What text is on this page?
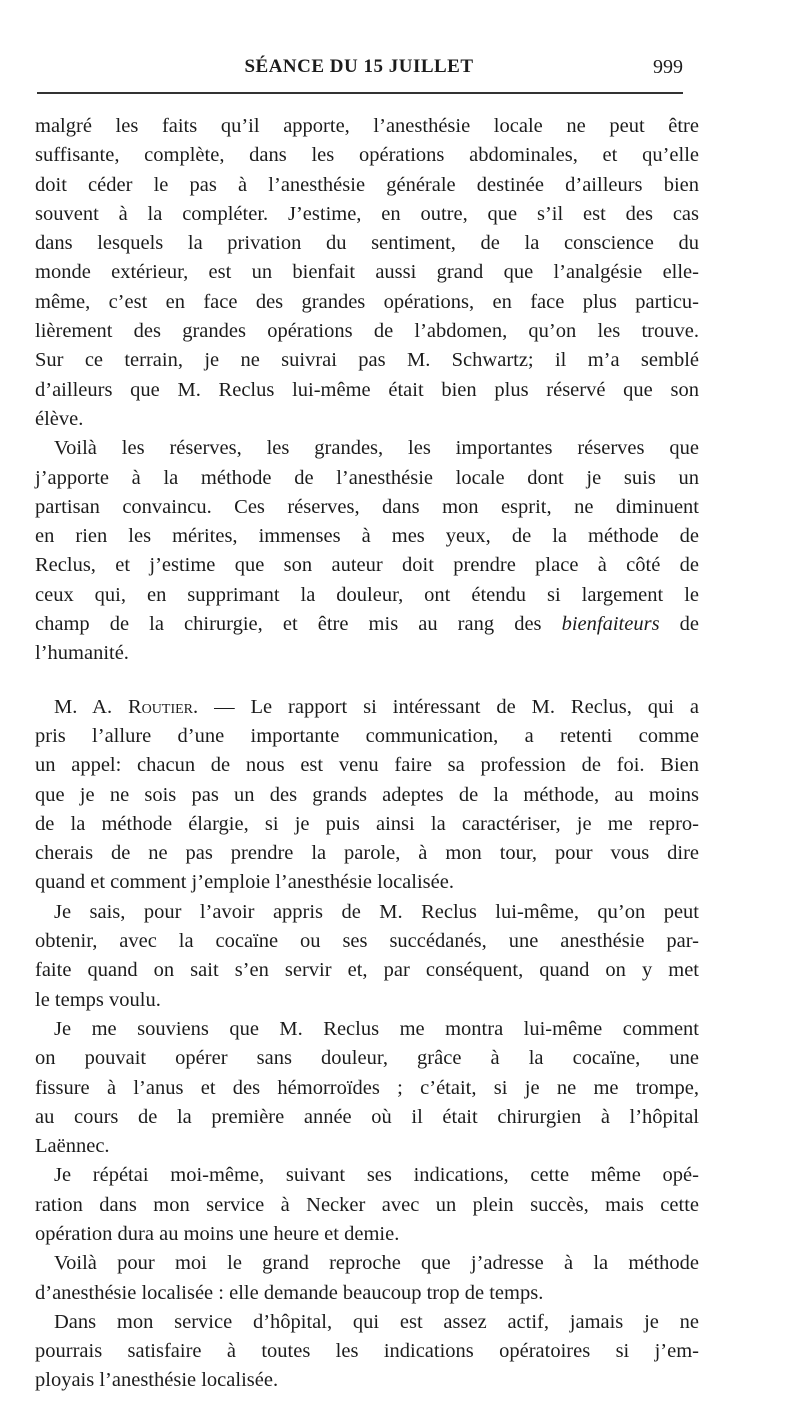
SÉANCE DU 15 JUILLET	999
malgré les faits qu’il apporte, l’anesthésie locale ne peut être
suffisante, complète, dans les opérations abdominales, et qu’elle
doit céder le pas à l’anesthésie générale destinée d’ailleurs bien
souvent à la compléter. J’estime, en outre, que s’il est des cas
dans lesquels la privation du sentiment, de la conscience du
monde extérieur, est un bienfait aussi grand que l’analgésie elle-
même, c’est en face des grandes opérations, en face plus particu-
lièrement des grandes opérations de l’abdomen, qu’on les trouve.
Sur ce terrain, je ne suivrai pas M. Schwartz; il m’a semblé
d’ailleurs que M. Reclus lui-même était bien plus réservé que son
élève.
Voilà les réserves, les grandes, les importantes réserves que
j’apporte à la méthode de l’anesthésie locale dont je suis un
partisan convaincu. Ces réserves, dans mon esprit, ne diminuent
en rien les mérites, immenses à mes yeux, de la méthode de
Reclus, et j’estime que son auteur doit prendre place à côté de
ceux qui, en supprimant la douleur, ont étendu si largement le
champ de la chirurgie, et être mis au rang des bienfaiteurs de
l’humanité.
M. A. Routier. — Le rapport si intéressant de M. Reclus, qui a
pris l’allure d’une importante communication, a retenti comme
un appel: chacun de nous est venu faire sa profession de foi. Bien
que je ne sois pas un des grands adeptes de la méthode, au moins
de la méthode élargie, si je puis ainsi la caractériser, je me repro-
cherais de ne pas prendre la parole, à mon tour, pour vous dire
quand et comment j’emploie l’anesthésie localisée.
Je sais, pour l’avoir appris de M. Reclus lui-même, qu’on peut
obtenir, avec la cocaïne ou ses succédanés, une anesthésie par-
faite quand on sait s’en servir et, par conséquent, quand on y met
le temps voulu.
Je me souviens que M. Reclus me montra lui-même comment
on pouvait opérer sans douleur, grâce à la cocaïne, une
fissure à l’anus et des hémorroïdes ; c’était, si je ne me trompe,
au cours de la première année où il était chirurgien à l’hôpital
Laënnec.
Je répétai moi-même, suivant ses indications, cette même opé-
ration dans mon service à Necker avec un plein succès, mais cette
opération dura au moins une heure et demie.
Voilà pour moi le grand reproche que j’adresse à la méthode
d’anesthésie localisée : elle demande beaucoup trop de temps.
Dans mon service d’hôpital, qui est assez actif, jamais je ne
pourrais satisfaire à toutes les indications opératoires si j’em-
ployais l’anesthésie localisée.
